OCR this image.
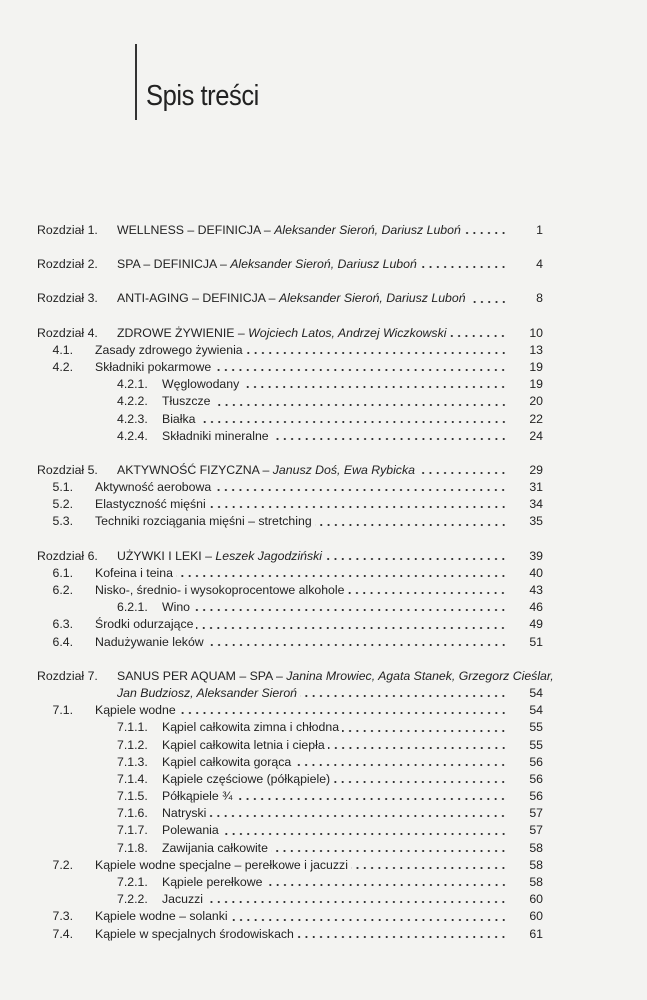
Spis treści
Rozdział 1.	WELLNESS – DEFINICJA – Aleksander Sieroń, Dariusz Luboń	1
Rozdział 2.	SPA – DEFINICJA – Aleksander Sieroń, Dariusz Luboń	4
Rozdział 3.	ANTI-AGING – DEFINICJA – Aleksander Sieroń, Dariusz Luboń	8
Rozdział 4.	ZDROWE ŻYWIENIE – Wojciech Latos, Andrzej Wiczkowski	10
4.1.	Zasady zdrowego żywienia	13
4.2.	Składniki pokarmowe	19
4.2.1.	Węglowodany	19
4.2.2.	Tłuszcze	20
4.2.3.	Białka	22
4.2.4.	Składniki mineralne	24
Rozdział 5.	AKTYWNOŚĆ FIZYCZNA – Janusz Doś, Ewa Rybicka	29
5.1.	Aktywność aerobowa	31
5.2.	Elastyczność mięśni	34
5.3.	Techniki rozciągania mięśni – stretching	35
Rozdział 6.	UŻYWKI I LEKI – Leszek Jagodziński	39
6.1.	Kofeina i teina	40
6.2.	Nisko-, średnio- i wysokoprocentowe alkohole	43
6.2.1.	Wino	46
6.3.	Środki odurzające	49
6.4.	Nadużywanie leków	51
Rozdział 7.	SANUS PER AQUAM – SPA – Janina Mrowiec, Agata Stanek, Grzegorz Cieślar,
Jan Budziosz, Aleksander Sieroń	54
7.1.	Kąpiele wodne	54
7.1.1.	Kąpiel całkowita zimna i chłodna	55
7.1.2.	Kąpiel całkowita letnia i ciepła	55
7.1.3.	Kąpiel całkowita gorąca	56
7.1.4.	Kąpiele częściowe (półkąpiele)	56
7.1.5.	Półkąpiele ¾	56
7.1.6.	Natryski	57
7.1.7.	Polewania	57
7.1.8.	Zawijania całkowite	58
7.2.	Kąpiele wodne specjalne – perełkowe i jacuzzi	58
7.2.1.	Kąpiele perełkowe	58
7.2.2.	Jacuzzi	60
7.3.	Kąpiele wodne – solanki	60
7.4.	Kąpiele w specjalnych środowiskach	61
